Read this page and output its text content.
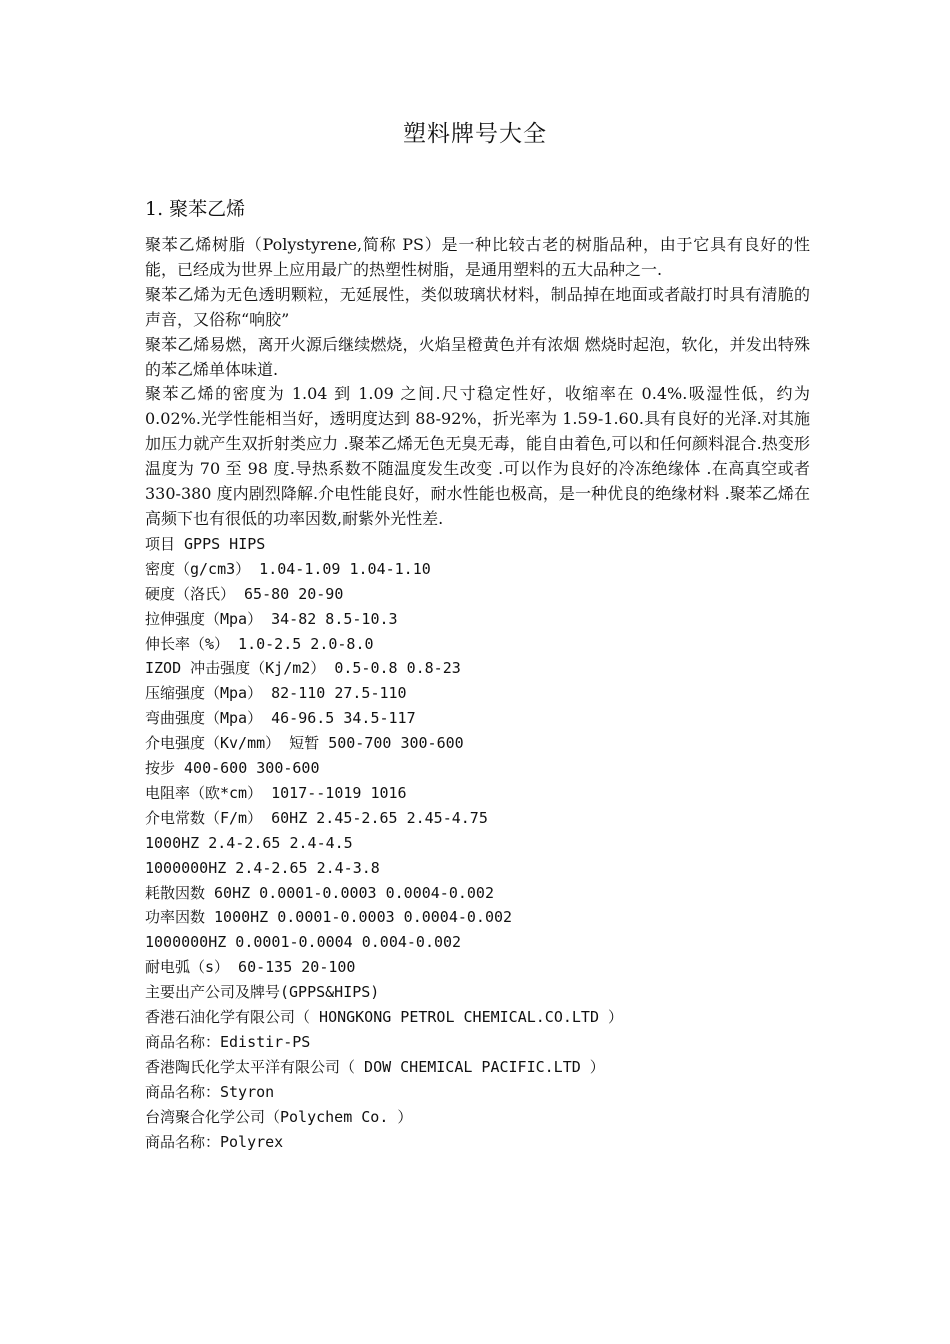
塑料牌号大全
1. 聚苯乙烯

聚苯乙烯树脂（Polystyrene,简称 PS）是一种比较古老的树脂品种，由于它具有良好的性能，已经成为世界上应用最广的热塑性树脂，是通用塑料的五大品种之一.

聚苯乙烯为无色透明颗粒，无延展性，类似玻璃状材料，制品掉在地面或者敲打时具有清脆的声音，又俗称“响胶”

聚苯乙烯易燃，离开火源后继续燃烧，火焰呈橙黄色并有浓烟 燃烧时起泡，软化，并发出特殊的苯乙烯单体味道.

聚苯乙烯的密度为 1.04 到 1.09 之间.尺寸稳定性好，收缩率在 0.4%.吸湿性低，约为 0.02%.光学性能相当好，透明度达到 88-92%，折光率为 1.59-1.60.具有良好的光泽.对其施加压力就产生双折射类应力 .聚苯乙烯无色无臭无毒，能自由着色,可以和任何颜料混合.热变形温度为 70 至 98 度.导热系数不随温度发生改变 .可以作为良好的冷冻绝缘体 .在高真空或者 330-380 度内剧烈降解.介电性能良好，耐水性能也极高，是一种优良的绝缘材料 .聚苯乙烯在高频下也有很低的功率因数,耐紫外光性差.

项目 GPPS HIPS

密度（g/cm3） 1.04-1.09 1.04-1.10

硬度（洛氏） 65-80 20-90

拉伸强度（Mpa） 34-82 8.5-10.3

伸长率（%） 1.0-2.5 2.0-8.0

IZOD 冲击强度（Kj/m2） 0.5-0.8 0.8-23

压缩强度（Mpa） 82-110 27.5-110

弯曲强度（Mpa） 46-96.5 34.5-117

介电强度（Kv/mm） 短暂 500-700 300-600

按步 400-600 300-600

电阻率（欧*cm） 1017--1019 1016

介电常数（F/m） 60HZ 2.45-2.65 2.45-4.75

1000HZ 2.4-2.65 2.4-4.5

1000000HZ 2.4-2.65 2.4-3.8

耗散因数 60HZ 0.0001-0.0003 0.0004-0.002

功率因数 1000HZ 0.0001-0.0003 0.0004-0.002

1000000HZ 0.0001-0.0004 0.004-0.002

耐电弧（s） 60-135 20-100

主要出产公司及牌号(GPPS&HIPS)

香港石油化学有限公司（ HONGKONG PETROL CHEMICAL.CO.LTD ）

商品名称：Edistir-PS

香港陶氏化学太平洋有限公司（ DOW CHEMICAL PACIFIC.LTD ）

商品名称：Styron

台湾聚合化学公司（Polychem Co. ）

商品名称：Polyrex
